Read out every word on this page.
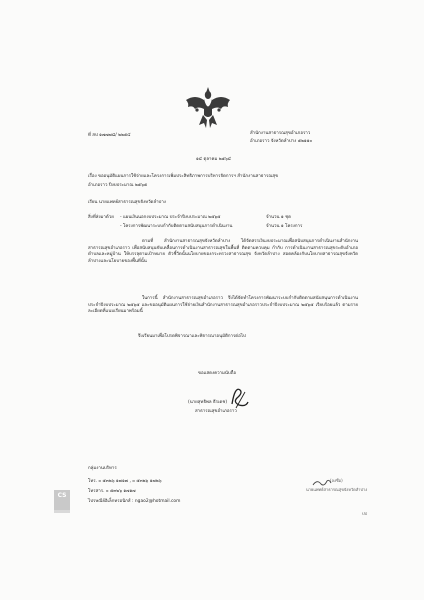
ที่ สป ๑๗๗๗๘/ ๒๒๕๔	สำนักงานสาธารณสุขอำเภอราว
อำเภอราว จังหวัดลำปาง ๕๒๑๑๐
๑๔ ตุลาคม ๒๕๖๔
เรื่อง ขออนุมัติแผนการใช้จ่ายและโครงการเพิ่มประสิทธิภาพการบริหารจัดการฯ สำนักงานสาธารณสุข
อำเภอราว ปีงบประมาณ ๒๕๖๕
เรียน นายแพทย์สาธารณสุขจังหวัดลำปาง
สิ่งที่ส่งมาด้วย - แผนเงินนอกงบประมาณ ประจำปีงบประมาณ ๒๕๖๕	จำนวน ๑ ชุด
- โครงการพัฒนาระบบกำกับติดตามสนับสนุนการดำเนินงาน	จำนวน ๑ โครงการ
ตามที่ สำนักงานสาธารณสุขจังหวัดลำปาง ได้จัดสรรเงินงบประมาณเพื่อสนับสนุนการดำเนินงานสำนักงานสาธารณสุขอำเภอราว เพื่อสนับสนุนขับเคลื่อนการดำเนินงานสาธารณสุขในพื้นที่ ติดตามควบคุม กำกับ การดำเนินงานสาธารณสุขระดับอำเภอ ตำบลและหมู่บ้าน ให้บรรลุตามเป้าหมาย ตัวชี้วัดนั้นนโยบายของกระทรวงสาธารณสุข จังหวัดลำปาง สอดคล้องกับนโยบายสาธารณสุขจังหวัดลำปางและนโยบายของพื้นที่นั้น
ในการนี้ สำนักงานสาธารณสุขอำเภอราว จึงได้จัดทำโครงการพัฒนาระบบกำกับติดตามสนับสนุนการดำเนินงาน ประจำปีงบประมาณ ๒๕๖๕ และขออนุมัติแผนการใช้จ่ายเงินสำนักงานสาธารณสุขอำเภอราวประจำปีงบประมาณ ๒๕๖๕ เรียบร้อยแล้ว ตามรายละเอียดที่แนบเรียนมาพร้อมนี้
จึงเรียนมาเพื่อโปรดพิจารณาและพิจารณาอนุมัติการต่อไป
ขอแสดงความนับถือ
(นายสุทธิพล ธีรเดช)
สาธารณสุขอำเภอราว
(ลงชื่อ)
นายแพทย์สาธารณสุขจังหวัดลำปาง
กลุ่มงานบริหาร
โทร. ๐ ๕๓๒๖ ๑๗๑๗ , ๐ ๕๓๒๖ ๑๗๒๖
โทรสาร. ๐ ๕๓๒๖ ๑๗๑๗
ไปรษณีย์อิเล็กทรอนิกส์ : ngao2@hotmail.com
CS
ปป
